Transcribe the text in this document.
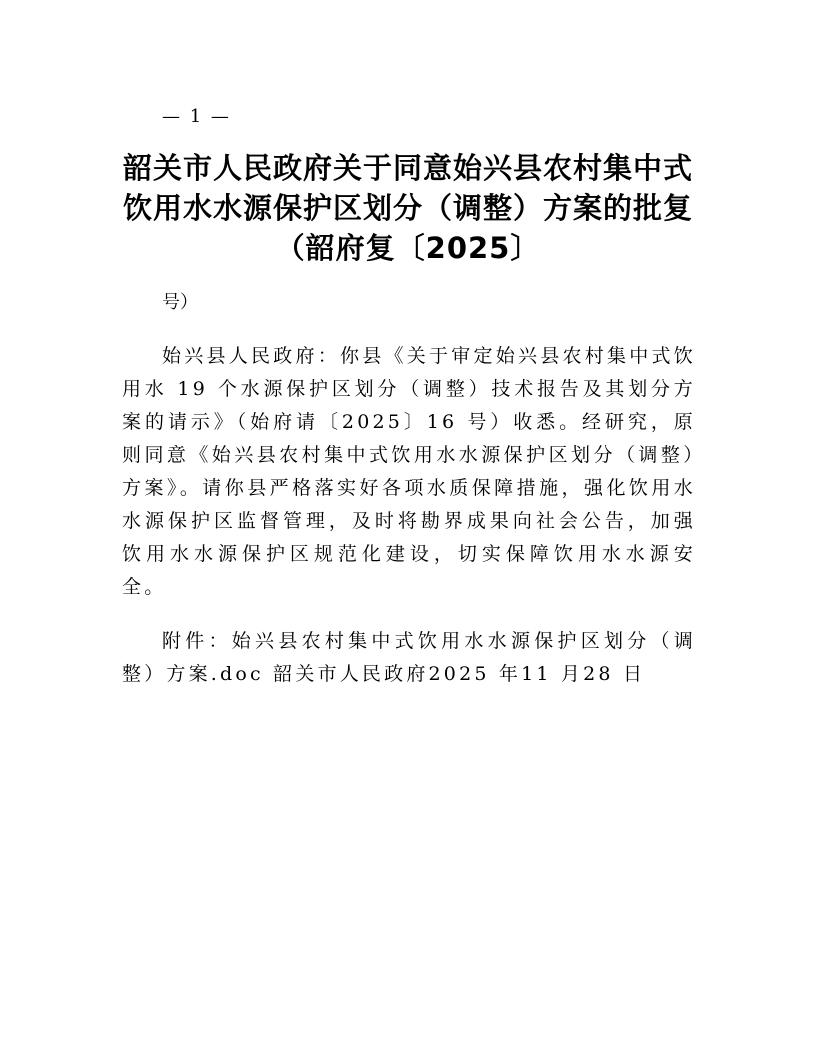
— 1 —
韶关市人民政府关于同意始兴县农村集中式
饮用水水源保护区划分（调整）方案的批复
（韶府复〔2025〕
号）
始兴县人民政府：你县《关于审定始兴县农村集中式饮用水 19 个水源保护区划分（调整）技术报告及其划分方案的请示》（始府请〔2025〕16 号）收悉。经研究，原则同意《始兴县农村集中式饮用水水源保护区划分（调整）方案》。请你县严格落实好各项水质保障措施，强化饮用水水源保护区监督管理，及时将勘界成果向社会公告，加强饮用水水源保护区规范化建设，切实保障饮用水水源安全。
附件：始兴县农村集中式饮用水水源保护区划分（调整）方案.doc 韶关市人民政府2025 年11 月28 日
